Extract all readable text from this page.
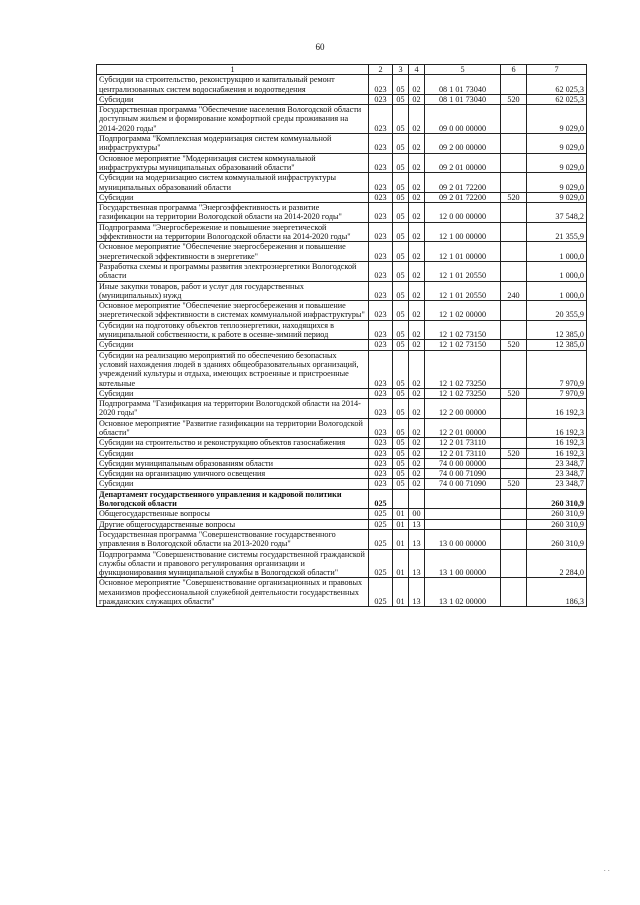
60
1	2	3	4	5	6	7
Субсидии на строительство, реконструкцию и капитальный ремонт централизованных систем водоснабжения и водоотведения	023	05	02	08 1 01 73040		62 025,3
Субсидии	023	05	02	08 1 01 73040	520	62 025,3
Государственная программа "Обеспечение населения Вологодской области доступным жильем и формирование комфортной среды проживания на 2014-2020 годы"	023	05	02	09 0 00 00000		9 029,0
Подпрограмма "Комплексная модернизация систем коммунальной инфраструктуры"	023	05	02	09 2 00 00000		9 029,0
Основное мероприятие "Модернизация систем коммунальной инфраструктуры муниципальных образований области"	023	05	02	09 2 01 00000		9 029,0
Субсидии на модернизацию систем коммунальной инфраструктуры муниципальных образований области	023	05	02	09 2 01 72200		9 029,0
Субсидии	023	05	02	09 2 01 72200	520	9 029,0
Государственная программа "Энергоэффективность и развитие газификации на территории Вологодской области на 2014-2020 годы"	023	05	02	12 0 00 00000		37 548,2
Подпрограмма "Энергосбережение и повышение энергетической эффективности на территории Вологодской области на 2014-2020 годы"	023	05	02	12 1 00 00000		21 355,9
Основное мероприятие "Обеспечение энергосбережения и повышение энергетической эффективности в энергетике"	023	05	02	12 1 01 00000		1 000,0
Разработка схемы и программы развития электроэнергетики Вологодской области	023	05	02	12 1 01 20550		1 000,0
Иные закупки товаров, работ и услуг для государственных (муниципальных) нужд	023	05	02	12 1 01 20550	240	1 000,0
Основное мероприятие "Обеспечение энергосбережения и повышение энергетической эффективности в системах коммунальной инфраструктуры"	023	05	02	12 1 02 00000		20 355,9
Субсидии на подготовку объектов теплоэнергетики, находящихся в муниципальной собственности, к работе в осенне-зимний период	023	05	02	12 1 02 73150		12 385,0
Субсидии	023	05	02	12 1 02 73150	520	12 385,0
Субсидии на реализацию мероприятий по обеспечению безопасных условий нахождения людей в зданиях общеобразовательных организаций, учреждений культуры и отдыха, имеющих встроенные и пристроенные котельные	023	05	02	12 1 02 73250		7 970,9
Субсидии	023	05	02	12 1 02 73250	520	7 970,9
Подпрограмма "Газификация на территории Вологодской области на 2014-2020 годы"	023	05	02	12 2 00 00000		16 192,3
Основное мероприятие "Развитие газификации на территории Вологодской области"	023	05	02	12 2 01 00000		16 192,3
Субсидии на строительство и реконструкцию объектов газоснабжения	023	05	02	12 2 01 73110		16 192,3
Субсидии	023	05	02	12 2 01 73110	520	16 192,3
Субсидии муниципальным образованиям области	023	05	02	74 0 00 00000		23 348,7
Субсидии на организацию уличного освещения	023	05	02	74 0 00 71090		23 348,7
Субсидии	023	05	02	74 0 00 71090	520	23 348,7
Департамент государственного управления и кадровой политики Вологодской области	025					260 310,9
Общегосударственные вопросы	025	01	00			260 310,9
Другие общегосударственные вопросы	025	01	13			260 310,9
Государственная программа "Совершенствование государственного управления в Вологодской области на 2013-2020 годы"	025	01	13	13 0 00 00000		260 310,9
Подпрограмма "Совершенствование системы государственной гражданской службы области и правового регулирования организации и функционирования муниципальной службы в Вологодской области"	025	01	13	13 1 00 00000		2 284,0
Основное мероприятие "Совершенствование организационных и правовых механизмов профессиональной служебной деятельности государственных гражданских служащих области"	025	01	13	13 1 02 00000		186,3
· ·
